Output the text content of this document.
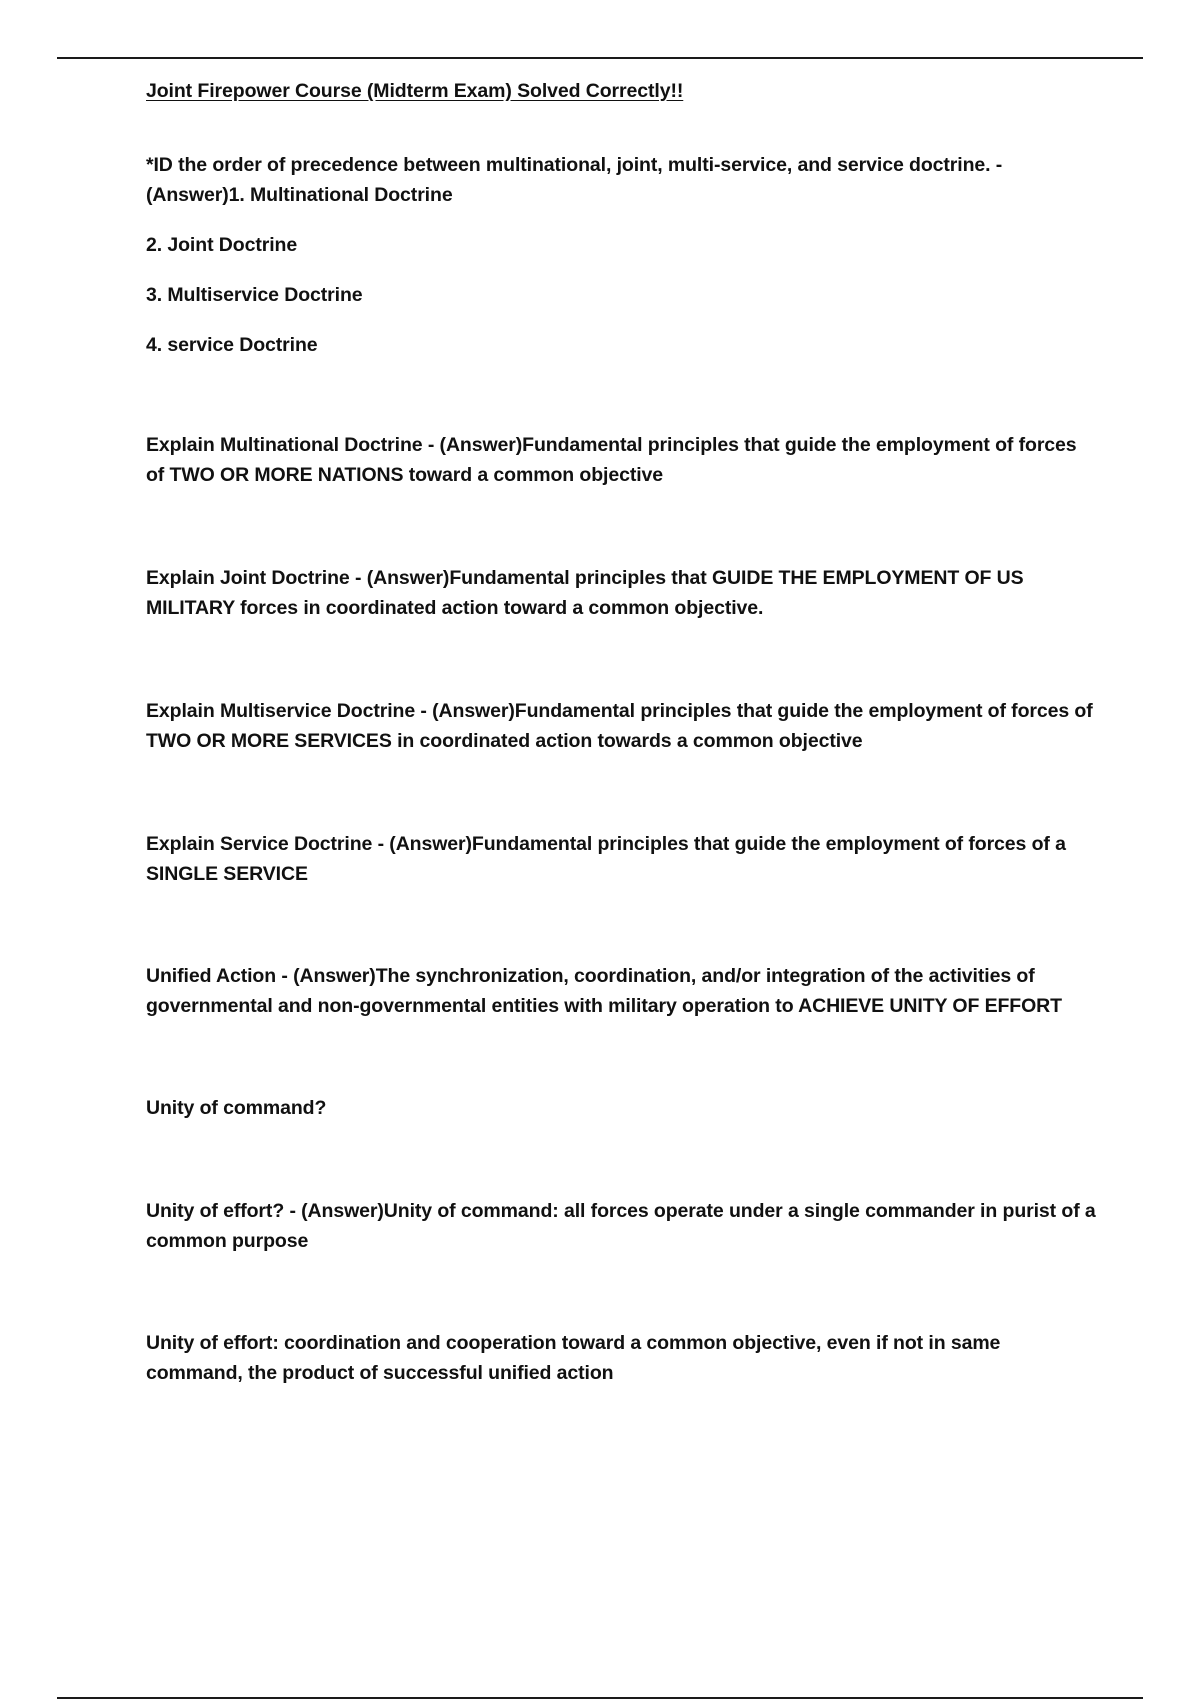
Joint Firepower Course (Midterm Exam) Solved Correctly!!

*ID the order of precedence between multinational, joint, multi-service, and service doctrine. - (Answer)1. Multinational Doctrine

2. Joint Doctrine

3. Multiservice Doctrine

4. service Doctrine

Explain Multinational Doctrine - (Answer)Fundamental principles that guide the employment of forces of TWO OR MORE NATIONS toward a common objective

Explain Joint Doctrine - (Answer)Fundamental principles that GUIDE THE EMPLOYMENT OF US MILITARY forces in coordinated action toward a common objective.

Explain Multiservice Doctrine - (Answer)Fundamental principles that guide the employment of forces of TWO OR MORE SERVICES in coordinated action towards a common objective

Explain Service Doctrine - (Answer)Fundamental principles that guide the employment of forces of a SINGLE SERVICE

Unified Action - (Answer)The synchronization, coordination, and/or integration of the activities of governmental and non-governmental entities with military operation to ACHIEVE UNITY OF EFFORT

Unity of command?

Unity of effort? - (Answer)Unity of command: all forces operate under a single commander in purist of a common purpose

Unity of effort: coordination and cooperation toward a common objective, even if not in same command, the product of successful unified action
